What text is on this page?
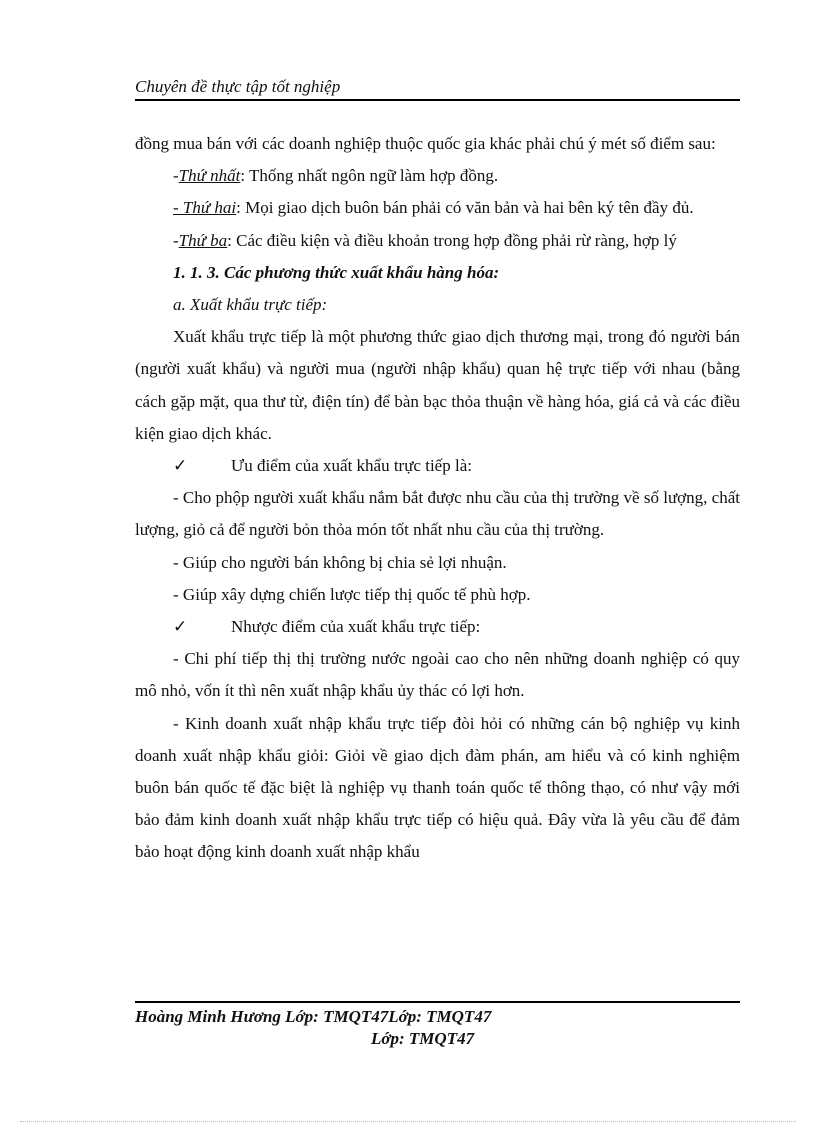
Chuyên đề thực tập tốt nghiệp

đồng mua bán với các doanh nghiệp thuộc quốc gia khác phải chú ý mét số điểm sau:

-Thứ nhất: Thống nhất ngôn ngữ làm hợp đồng.

- Thứ hai: Mọi giao dịch buôn bán phải có văn bản và hai bên ký tên đầy đủ.

-Thứ ba: Các điều kiện và điều khoản trong hợp đồng phải rừ ràng, hợp lý

1. 1. 3. Các phương thức xuất khẩu hàng hóa:

a. Xuất khẩu trực tiếp:

Xuất khẩu trực tiếp là một phương thức giao dịch thương mại, trong đó người bán (người xuất khẩu) và người mua (người nhập khẩu) quan hệ trực tiếp với nhau (bằng cách gặp mặt, qua thư từ, điện tín) để bàn bạc thỏa thuận về hàng hóa, giá cả và các điều kiện giao dịch khác.

✓	Ưu điểm của xuất khẩu trực tiếp là:

- Cho phộp người xuất khẩu nắm bắt được nhu cầu của thị trường về số lượng, chất lượng, giỏ cả để người bỏn thỏa món tốt nhất nhu cầu của thị trường.

- Giúp cho người bán không bị chia sẻ lợi nhuận.

- Giúp xây dựng chiến lược tiếp thị quốc tế phù hợp.

✓	Nhược điểm của xuất khẩu trực tiếp:

- Chi phí tiếp thị thị trường nước ngoài cao cho nên những doanh nghiệp có quy mô nhỏ, vốn ít thì nên xuất nhập khẩu ủy thác có lợi hơn.

- Kinh doanh xuất nhập khẩu trực tiếp đòi hỏi có những cán bộ nghiệp vụ kinh doanh xuất nhập khẩu giỏi: Giỏi về giao dịch đàm phán, am hiểu và có kinh nghiệm buôn bán quốc tế đặc biệt là nghiệp vụ thanh toán quốc tế thông thạo, có như vậy mới bảo đảm kinh doanh xuất nhập khẩu trực tiếp có hiệu quả. Đây vừa là yêu cầu để đảm bảo hoạt động kinh doanh xuất nhập khẩu

Hoàng Minh Hương Lớp: TMQT47Lớp: TMQT47
Lớp: TMQT47
